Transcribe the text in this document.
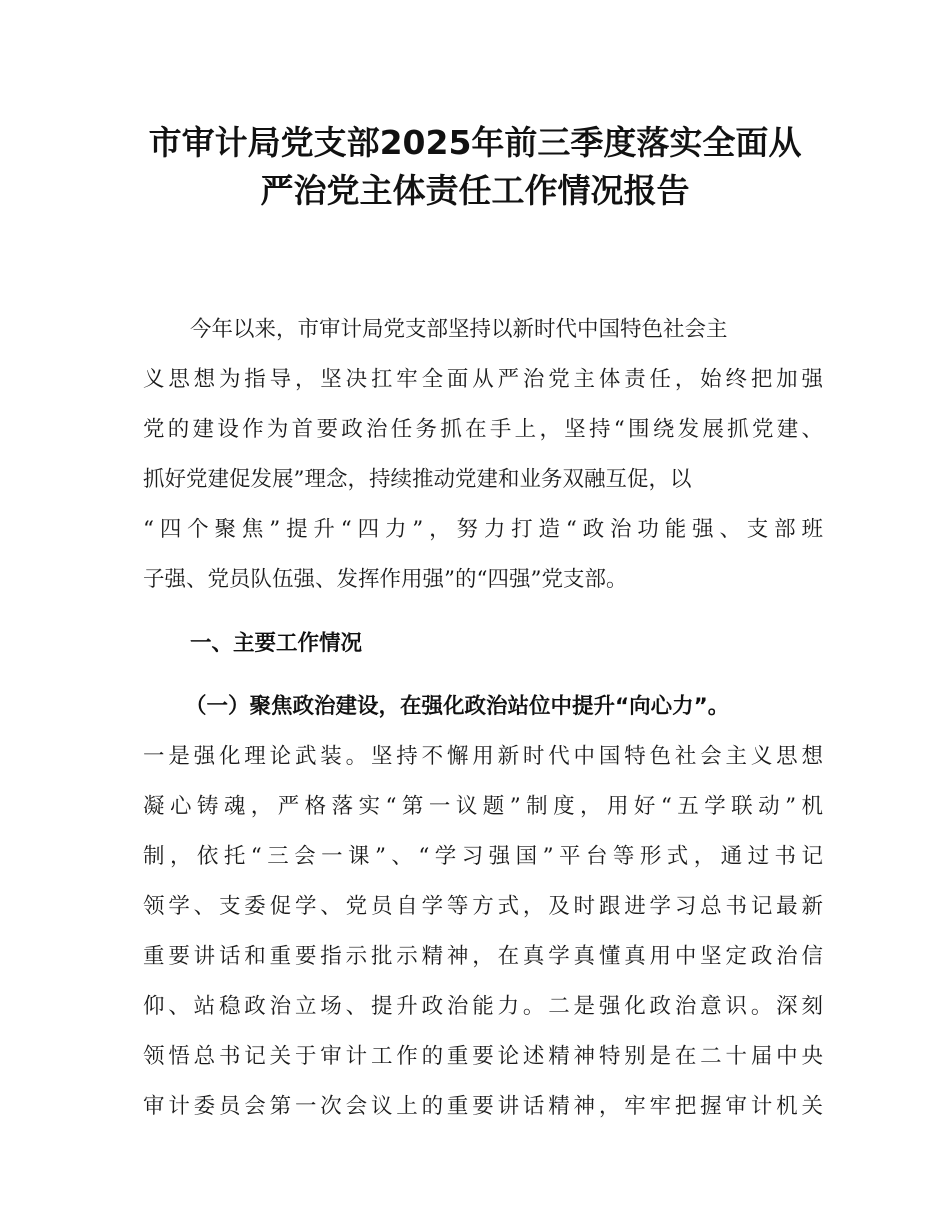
市审计局党支部2025年前三季度落实全面从
严治党主体责任工作情况报告
今年以来，市审计局党支部坚持以新时代中国特色社会主
义思想为指导，坚决扛牢全面从严治党主体责任，始终把加强
党的建设作为首要政治任务抓在手上，坚持“围绕发展抓党建、
抓好党建促发展”理念，持续推动党建和业务双融互促，以
“四个聚焦”提升“四力”，努力打造“政治功能强、支部班
子强、党员队伍强、发挥作用强”的“四强”党支部。
一、主要工作情况
（一）聚焦政治建设，在强化政治站位中提升“向心力”。
一是强化理论武装。坚持不懈用新时代中国特色社会主义思想
凝心铸魂，严格落实“第一议题”制度，用好“五学联动”机
制，依托“三会一课”、“学习强国”平台等形式，通过书记
领学、支委促学、党员自学等方式，及时跟进学习总书记最新
重要讲话和重要指示批示精神，在真学真懂真用中坚定政治信
仰、站稳政治立场、提升政治能力。二是强化政治意识。深刻
领悟总书记关于审计工作的重要论述精神特别是在二十届中央
审计委员会第一次会议上的重要讲话精神，牢牢把握审计机关
